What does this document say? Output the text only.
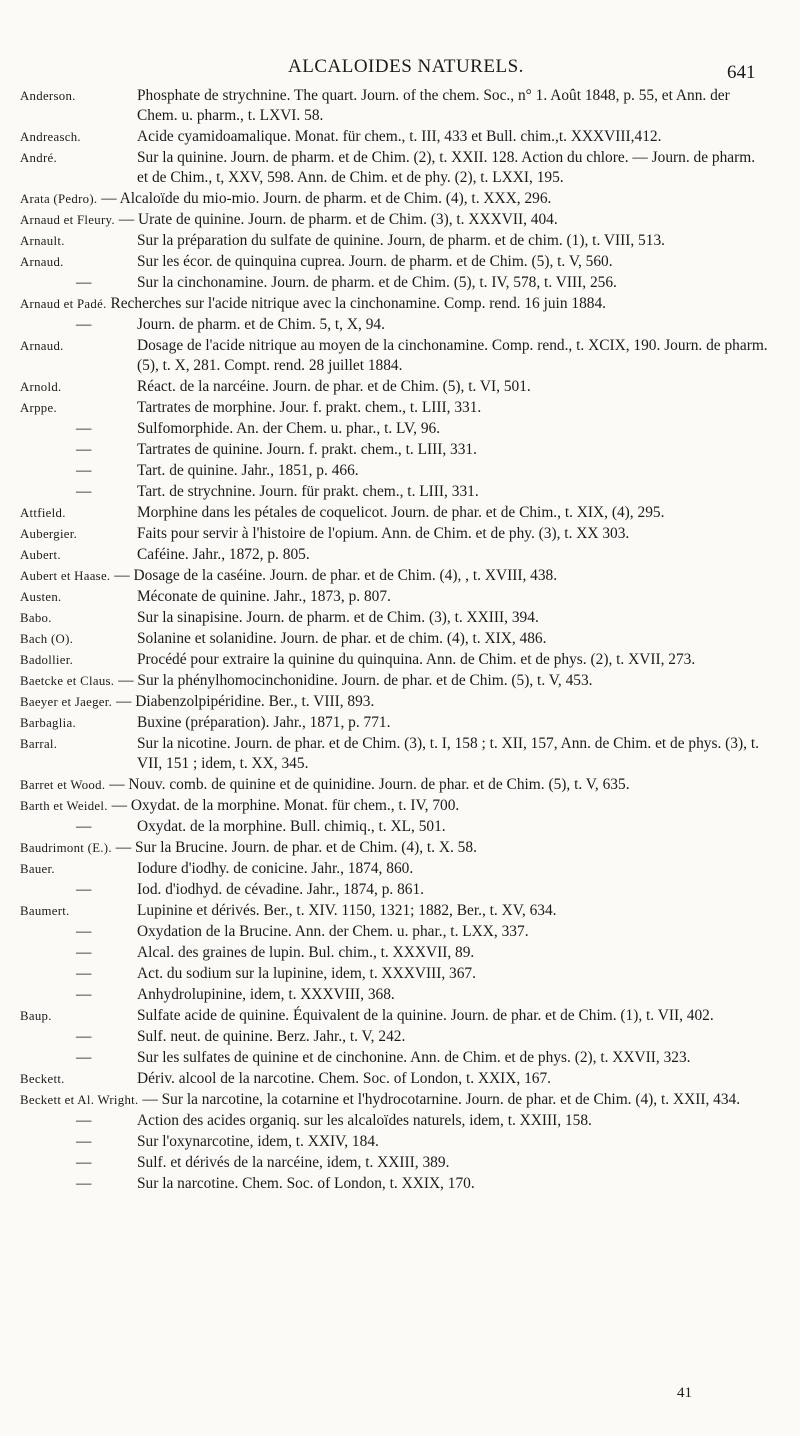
ALCALOIDES NATURELS.	641
Anderson.	Phosphate de strychnine. The quart. Journ. of the chem. Soc., n° 1. Août 1848, p. 55, et Ann. der Chem. u. pharm., t. LXVI. 58.
Andreasch.	Acide cyamidoamalique. Monat. für chem., t. III, 433 et Bull. chim.,t. XXXVIII,412.
André.	Sur la quinine. Journ. de pharm. et de Chim. (2), t. XXII. 128. Action du chlore. — Journ. de pharm. et de Chim., t, XXV, 598. Ann. de Chim. et de phy. (2), t. LXXI, 195.
Arata (Pedro). — Alcaloïde du mio-mio. Journ. de pharm. et de Chim. (4), t. XXX, 296.
Arnaud et Fleury. — Urate de quinine. Journ. de pharm. et de Chim. (3), t. XXXVII, 404.
Arnault.	Sur la préparation du sulfate de quinine. Journ, de pharm. et de chim. (1), t. VIII, 513.
Arnaud.	Sur les écor. de quinquina cuprea. Journ. de pharm. et de Chim. (5), t. V, 560.
—	Sur la cinchonamine. Journ. de pharm. et de Chim. (5), t. IV, 578, t. VIII, 256.
Arnaud et Padé. Recherches sur l'acide nitrique avec la cinchonamine. Comp. rend. 16 juin 1884.
—	Journ. de pharm. et de Chim. 5, t, X, 94.
Arnaud.	Dosage de l'acide nitrique au moyen de la cinchonamine. Comp. rend., t. XCIX, 190. Journ. de pharm. (5), t. X, 281. Compt. rend. 28 juillet 1884.
Arnold.	Réact. de la narcéine. Journ. de phar. et de Chim. (5), t. VI, 501.
Arppe.	Tartrates de morphine. Jour. f. prakt. chem., t. LIII, 331.
—	Sulfomorphide. An. der Chem. u. phar., t. LV, 96.
—	Tartrates de quinine. Journ. f. prakt. chem., t. LIII, 331.
—	Tart. de quinine. Jahr., 1851, p. 466.
—	Tart. de strychnine. Journ. für prakt. chem., t. LIII, 331.
Attfield.	Morphine dans les pétales de coquelicot. Journ. de phar. et de Chim., t. XIX, (4), 295.
Aubergier.	Faits pour servir à l'histoire de l'opium. Ann. de Chim. et de phy. (3), t. XX 303.
Aubert.	Caféine. Jahr., 1872, p. 805.
Aubert et Haase. — Dosage de la caséine. Journ. de phar. et de Chim. (4), , t. XVIII, 438.
Austen.	Méconate de quinine. Jahr., 1873, p. 807.
Babo.	Sur la sinapisine. Journ. de pharm. et de Chim. (3), t. XXIII, 394.
Bach (O).	Solanine et solanidine. Journ. de phar. et de chim. (4), t. XIX, 486.
Badollier.	Procédé pour extraire la quinine du quinquina. Ann. de Chim. et de phys. (2), t. XVII, 273.
Baetcke et Claus. — Sur la phénylhomocinchonidine. Journ. de phar. et de Chim. (5), t. V, 453.
Baeyer et Jaeger. — Diabenzolpipéridine. Ber., t. VIII, 893.
Barbaglia.	Buxine (préparation). Jahr., 1871, p. 771.
Barral.	Sur la nicotine. Journ. de phar. et de Chim. (3), t. I, 158 ; t. XII, 157, Ann. de Chim. et de phys. (3), t. VII, 151 ; idem, t. XX, 345.
Barret et Wood. — Nouv. comb. de quinine et de quinidine. Journ. de phar. et de Chim. (5), t. V, 635.
Barth et Weidel. — Oxydat. de la morphine. Monat. für chem., t. IV, 700.
—	Oxydat. de la morphine. Bull. chimiq., t. XL, 501.
Baudrimont (E.). — Sur la Brucine. Journ. de phar. et de Chim. (4), t. X. 58.
Bauer.	Iodure d'iodhy. de conicine. Jahr., 1874, 860.
—	Iod. d'iodhyd. de cévadine. Jahr., 1874, p. 861.
Baumert.	Lupinine et dérivés. Ber., t. XIV. 1150, 1321; 1882, Ber., t. XV, 634.
—	Oxydation de la Brucine. Ann. der Chem. u. phar., t. LXX, 337.
—	Alcal. des graines de lupin. Bul. chim., t. XXXVII, 89.
—	Act. du sodium sur la lupinine, idem, t. XXXVIII, 367.
—	Anhydrolupinine, idem, t. XXXVIII, 368.
Baup.	Sulfate acide de quinine. Équivalent de la quinine. Journ. de phar. et de Chim. (1), t. VII, 402.
—	Sulf. neut. de quinine. Berz. Jahr., t. V, 242.
—	Sur les sulfates de quinine et de cinchonine. Ann. de Chim. et de phys. (2), t. XXVII, 323.
Beckett.	Dériv. alcool de la narcotine. Chem. Soc. of London, t. XXIX, 167.
Beckett et Al. Wright. — Sur la narcotine, la cotarnine et l'hydrocotarnine. Journ. de phar. et de Chim. (4), t. XXII, 434.
—	Action des acides organiq. sur les alcaloïdes naturels, idem, t. XXIII, 158.
—	Sur l'oxynarcotine, idem, t. XXIV, 184.
—	Sulf. et dérivés de la narcéine, idem, t. XXIII, 389.
—	Sur la narcotine. Chem. Soc. of London, t. XXIX, 170.
41
